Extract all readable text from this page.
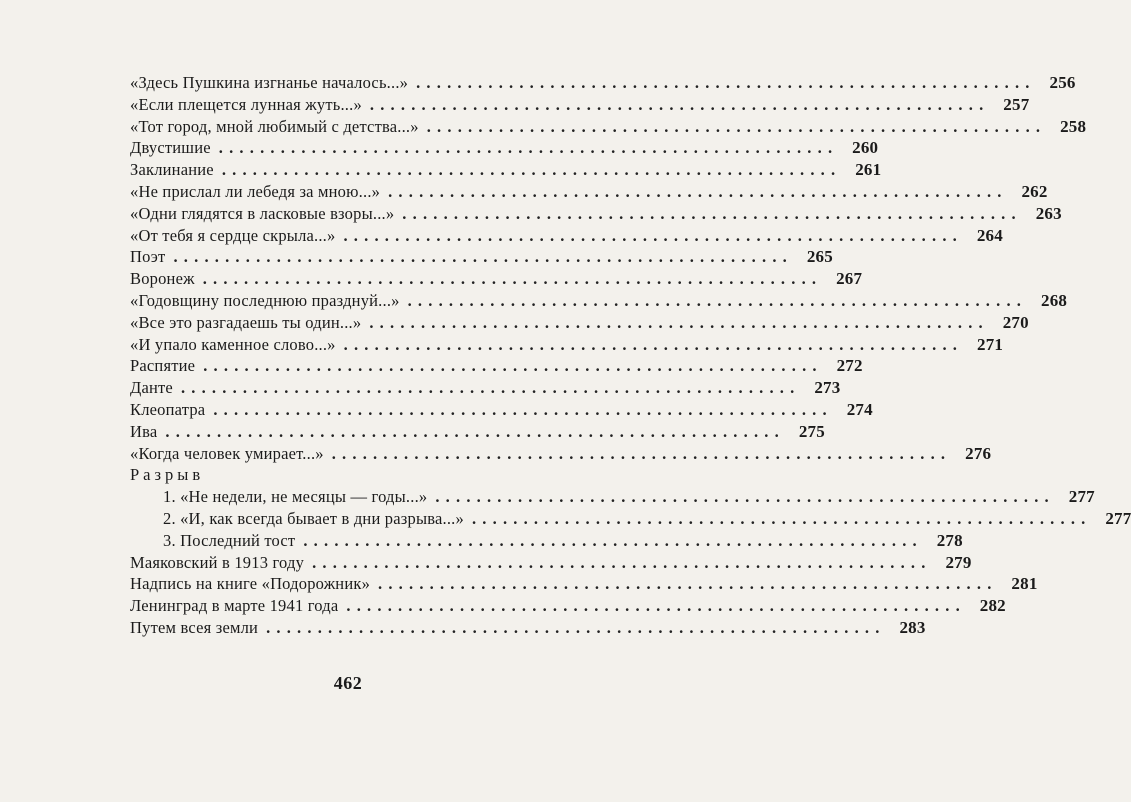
«Здесь Пушкина изгнанье началось...» ............................................................ 256
«Если плещется лунная жуть...» ............................................................ 257
«Тот город, мной любимый с детства...» ............................................................ 258
Двустишие ............................................................ 260
Заклинание ............................................................ 261
«Не прислал ли лебедя за мною...» ............................................................ 262
«Одни глядятся в ласковые взоры...» ............................................................ 263
«От тебя я сердце скрыла...» ............................................................ 264
Поэт ............................................................ 265
Воронеж ............................................................ 267
«Годовщину последнюю празднуй...» ............................................................ 268
«Все это разгадаешь ты один...» ............................................................ 270
«И упало каменное слово...» ............................................................ 271
Распятие ............................................................ 272
Данте ............................................................ 273
Клеопатра ............................................................ 274
Ива ............................................................ 275
«Когда человек умирает...» ............................................................ 276
Разрыв
1. «Не недели, не месяцы — годы...» ............................................................ 277
2. «И, как всегда бывает в дни разрыва...» ............................................................ 277
3. Последний тост ............................................................ 278
Маяковский в 1913 году ............................................................ 279
Надпись на книге «Подорожник» ............................................................ 281
Ленинград в марте 1941 года ............................................................ 282
Путем всея земли ............................................................ 283
462
